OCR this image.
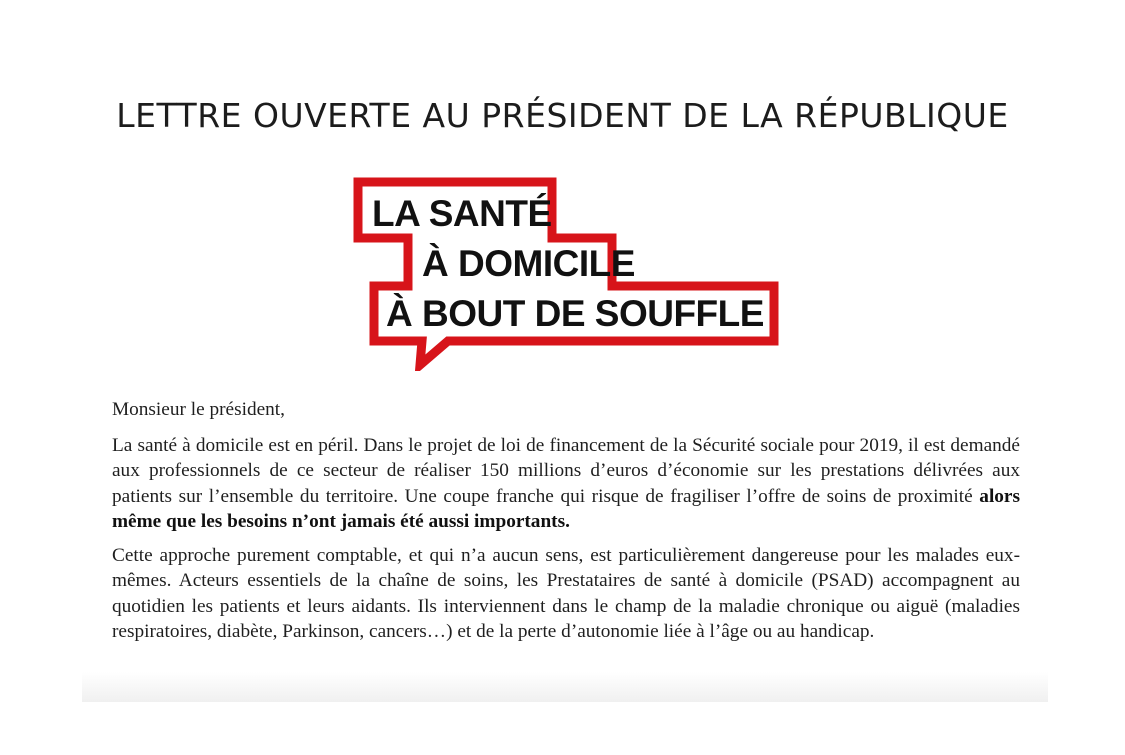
LETTRE OUVERTE AU PRÉSIDENT DE LA RÉPUBLIQUE
LA SANTÉ
À DOMICILE
À BOUT DE SOUFFLE

Monsieur le président,

La santé à domicile est en péril. Dans le projet de loi de financement de la Sécurité sociale pour 2019, il est demandé aux professionnels de ce secteur de réaliser 150 millions d’euros d’économie sur les prestations délivrées aux patients sur l’ensemble du territoire. Une coupe franche qui risque de fragiliser l’offre de soins de proximité alors même que les besoins n’ont jamais été aussi importants.

Cette approche purement comptable, et qui n’a aucun sens, est particulièrement dangereuse pour les malades eux-mêmes. Acteurs essentiels de la chaîne de soins, les Prestataires de santé à domicile (PSAD) accompagnent au quotidien les patients et leurs aidants. Ils interviennent dans le champ de la maladie chronique ou aiguë (maladies respiratoires, diabète, Parkinson, cancers…) et de la perte d’autonomie liée à l’âge ou au handicap.
